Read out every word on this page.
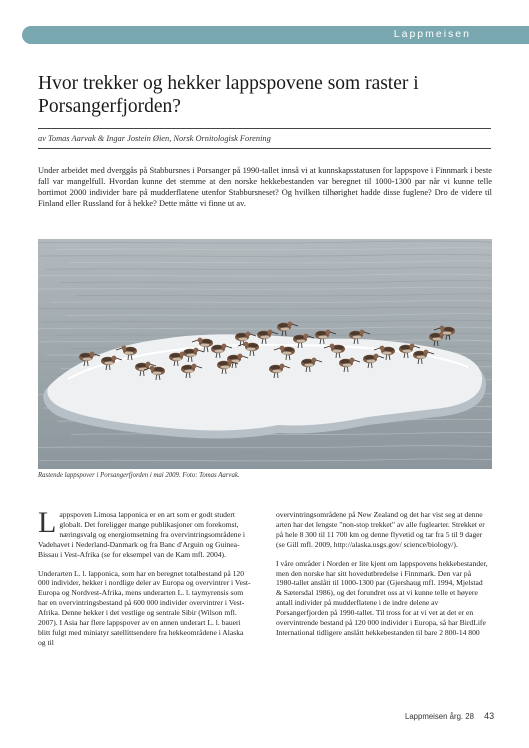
Lappmeisen
Hvor trekker og hekker lappspovene som raster i Porsangerfjorden?
av Tomas Aarvak & Ingar Jostein Øien, Norsk Ornitologisk Forening

Under arbeidet med dverggås på Stabbursnes i Porsanger på 1990-tallet innså vi at kunnskapsstatusen for lappspove i Finnmark i beste fall var mangelfull. Hvordan kunne det stemme at den norske hekkebestanden var beregnet til 1000-1300 par når vi kunne telle bortimot 2000 individer bare på mudderflatene utenfor Stabbursneset? Og hvilken tilhørighet hadde disse fuglene? Dro de videre til Finland eller Russland for å hekke? Dette måtte vi finne ut av.

Rastende lappspover i Porsangerfjorden i mai 2009. Foto: Tomas Aarvak.

L appspoven Limosa lapponica er en art som er godt studert globalt. Det foreligger mange publikasjoner om forekomst, næringsvalg og energiomsetning fra overvintringsområdene i Vadehavet i Nederland-Danmark og fra Banc d'Arguin og Guinea-Bissau i Vest-Afrika (se for eksempel van de Kam mfl. 2004).

Underarten L. l. lapponica, som har en beregnet totalbestand på 120 000 individer, hekker i nordlige deler av Europa og overvintrer i Vest-Europa og Nordvest-Afrika, mens underarten L. l. taymyrensis som har en overvintringsbestand på 600 000 individer overvintrer i Vest-Afrika. Denne hekker i det vestlige og sentrale Sibir (Wilson mfl. 2007). I Asia har flere lappspover av en annen underart L. l. baueri blitt fulgt med miniatyr satellittsendere fra hekkeområdene i Alaska og til

overvintringsområdene på New Zealand og det har vist seg at denne arten har det lengste "non-stop trekket" av alle fuglearter. Strekket er på hele 8 300 til 11 700 km og denne flyvetid og tar fra 5 til 9 dager (se Gill mfl. 2009, http://alaska.usgs.gov/ science/biology/).

I våre områder i Norden er lite kjent om lappspovens hekkebestander, men den norske har sitt hovedutbredelse i Finnmark. Den var på 1980-tallet anslått til 1000-1300 par (Gjershaug mfl. 1994, Mjelstad & Sætersdal 1986), og det forundret oss at vi kunne telle et høyere antall individer på mudderflatene i de indre delene av Porsangerfjorden på 1990-tallet. Til tross for at vi vet at det er en overvintrende bestand på 120 000 individer i Europa, så har BirdLife International tidligere anslått hekkebestanden til bare 2 800-14 800

Lappmeisen årg. 28 43
